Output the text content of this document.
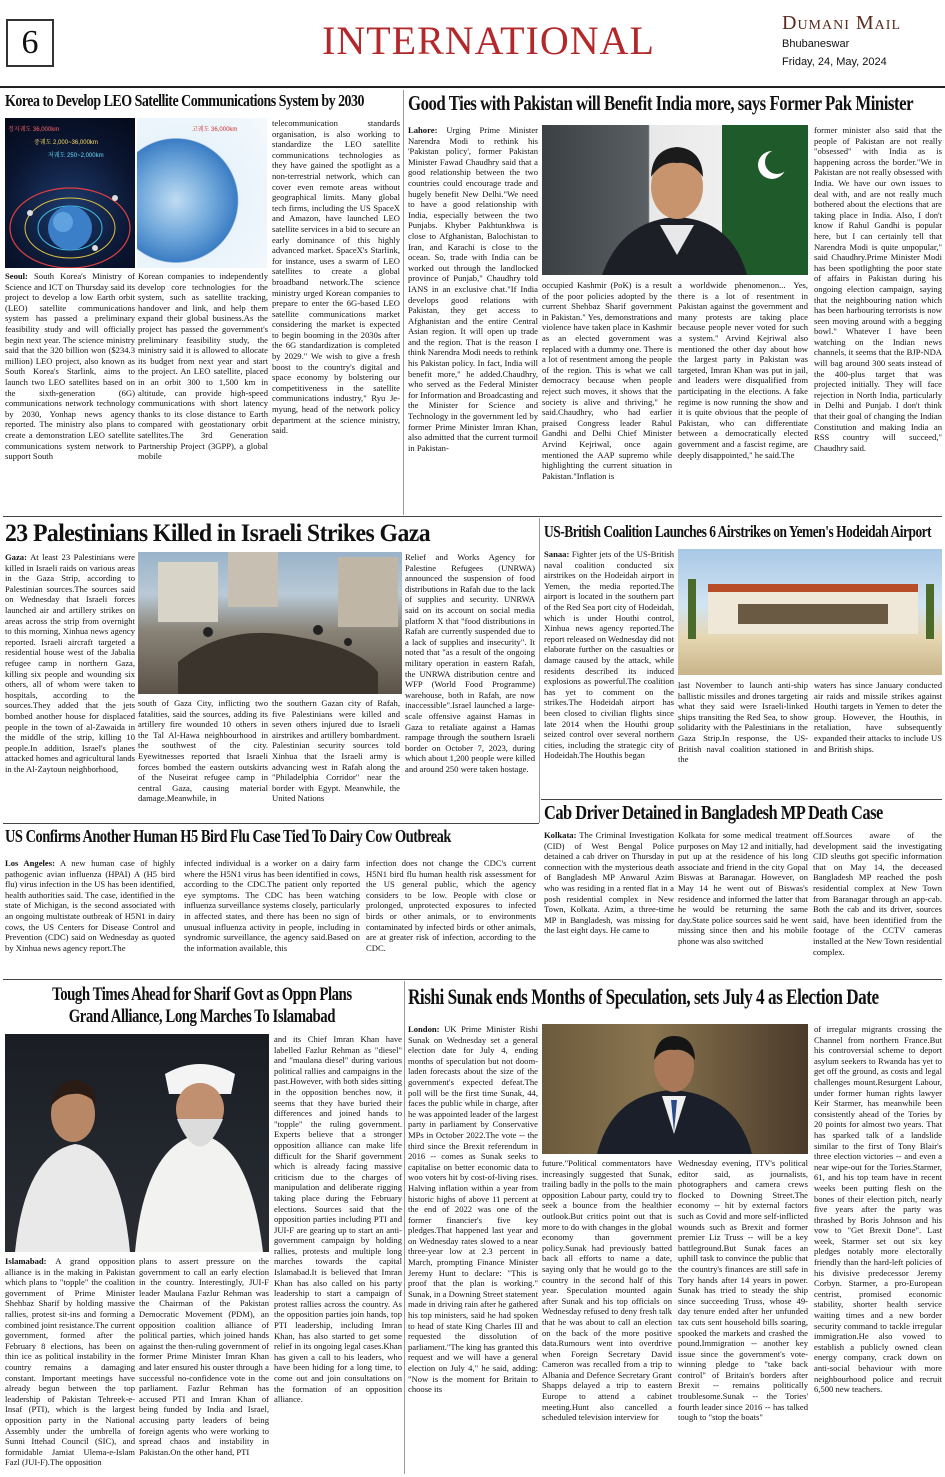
6	INTERNATIONAL	Dumani Mail
Bhubaneswar
Friday, 24, May, 2024
Korea to Develop LEO Satellite Communications System by 2030
정지궤도 36,000km
중궤도 2,000~36,000km
저궤도 250~2,000km
고궤도 36,000km
Seoul: South Korea's Ministry of Science and ICT on Thursday said its project to develop a low Earth orbit (LEO) satellite communications system has passed a preliminary feasibility study and will officially begin next year. The science ministry said that the 320 billion won ($234.3 million) LEO project, also known as South Korea's Starlink, aims to launch two LEO satellites based on the sixth-generation (6G) communications network technology by 2030, Yonhap news agency reported. The ministry also plans to create a demonstration LEO satellite communications system network to support South
Korean companies to independently develop core technologies for the system, such as satellite tracking, handover and link, and help them expand their global business.As the project has passed the government's preliminary feasibility study, the ministry said it is allowed to allocate its budget from next year and start the project. An LEO satellite, placed in an orbit 300 to 1,500 km in altitude, can provide high-speed communications with short latency thanks to its close distance to Earth compared with geostationary orbit satellites.The 3rd Generation Partnership Project (3GPP), a global mobile
telecommunication standards organisation, is also working to standardize the LEO satellite communications technologies as they have gained the spotlight as a non-terrestrial network, which can cover even remote areas without geographical limits. Many global tech firms, including the US SpaceX and Amazon, have launched LEO satellite services in a bid to secure an early dominance of this highly advanced market. SpaceX's Starlink, for instance, uses a swarm of LEO satellites to create a global broadband network.The science ministry urged Korean companies to prepare to enter the 6G-based LEO satellite communications market considering the market is expected to begin booming in the 2030s after the 6G standardization is completed by 2029." We wish to give a fresh boost to the country's digital and space economy by bolstering our competitiveness in the satellite communications industry," Ryu Je-myung, head of the network policy department at the science ministry, said.
Good Ties with Pakistan will Benefit India more, says Former Pak Minister
Lahore: Urging Prime Minister Narendra Modi to rethink his 'Pakistan policy', former Pakistan Minister Fawad Chaudhry said that a good relationship between the two countries could encourage trade and hugely benefit New Delhi."We need to have a good relationship with India, especially between the two Punjabs. Khyber Pakhtunkhwa is close to Afghanistan, Balochistan to Iran, and Karachi is close to the ocean. So, trade with India can be worked out through the landlocked province of Punjab," Chaudhry told IANS in an exclusive chat."If India develops good relations with Pakistan, they get access to Afghanistan and the entire Central Asian region. It will open up trade and the region. That is the reason I think Narendra Modi needs to rethink his Pakistan policy. In fact, India will benefit more," he added.Chaudhry, who served as the Federal Minister for Information and Broadcasting and the Minister for Science and Technology in the government led by former Prime Minister Imran Khan, also admitted that the current turmoil in Pakistan-
occupied Kashmir (PoK) is a result of the poor policies adopted by the current Shehbaz Sharif government in Pakistan." Yes, demonstrations and violence have taken place in Kashmir as an elected government was replaced with a dummy one. There is a lot of resentment among the people of the region. This is what we call democracy because when people reject such moves, it shows that the society is alive and thriving," he said.Chaudhry, who had earlier praised Congress leader Rahul Gandhi and Delhi Chief Minister Arvind Kejriwal, once again mentioned the AAP supremo while highlighting the current situation in Pakistan."Inflation is
a worldwide phenomenon... Yes, there is a lot of resentment in Pakistan against the government and many protests are taking place because people never voted for such a system." Arvind Kejriwal also mentioned the other day about how the largest party in Pakistan was targeted, Imran Khan was put in jail, and leaders were disqualified from participating in the elections. A fake regime is now running the show and it is quite obvious that the people of Pakistan, who can differentiate between a democratically elected government and a fascist regime, are deeply disappointed," he said.The
former minister also said that the people of Pakistan are not really "obsessed" with India as is happening across the border."We in Pakistan are not really obsessed with India. We have our own issues to deal with, and are not really much bothered about the elections that are taking place in India. Also, I don't know if Rahul Gandhi is popular here, but I can certainly tell that Narendra Modi is quite unpopular," said Chaudhry.Prime Minister Modi has been spotlighting the poor state of affairs in Pakistan during his ongoing election campaign, saying that the neighbouring nation which has been harbouring terrorists is now seen moving around with a begging bowl." Whatever I have been watching on the Indian news channels, it seems that the BJP-NDA will bag around 300 seats instead of the 400-plus target that was projected initially. They will face rejection in North India, particularly in Delhi and Punjab. I don't think that their goal of changing the Indian Constitution and making India an RSS country will succeed," Chaudhry said.
23 Palestinians Killed in Israeli Strikes Gaza
Gaza: At least 23 Palestinians were killed in Israeli raids on various areas in the Gaza Strip, according to Palestinian sources.The sources said on Wednesday that Israeli forces launched air and artillery strikes on areas across the strip from overnight to this morning, Xinhua news agency reported. Israeli aircraft targeted a residential house west of the Jabalia refugee camp in northern Gaza, killing six people and wounding six others, all of whom were taken to hospitals, according to the sources.They added that the jets bombed another house for displaced people in the town of al-Zawaida in the middle of the strip, killing 10 people.In addition, Israel's planes attacked homes and agricultural lands in the Al-Zaytoun neighborhood,
south of Gaza City, inflicting two fatalities, said the sources, adding its artillery fire wounded 10 others in the Tal Al-Hawa neighbourhood in the southwest of the city. Eyewitnesses reported that Israeli forces bombed the eastern outskirts of the Nuseirat refugee camp in central Gaza, causing material damage.Meanwhile, in
the southern Gazan city of Rafah, five Palestinians were killed and seven others injured due to Israeli airstrikes and artillery bombardment. Palestinian security sources told Xinhua that the Israeli army is advancing west in Rafah along the "Philadelphia Corridor" near the border with Egypt. Meanwhile, the United Nations
Relief and Works Agency for Palestine Refugees (UNRWA) announced the suspension of food distributions in Rafah due to the lack of supplies and security. UNRWA said on its account on social media platform X that "food distributions in Rafah are currently suspended due to a lack of supplies and insecurity". It noted that "as a result of the ongoing military operation in eastern Rafah, the UNRWA distribution centre and WFP (World Food Programme) warehouse, both in Rafah, are now inaccessible".Israel launched a large-scale offensive against Hamas in Gaza to retaliate against a Hamas rampage through the southern Israeli border on October 7, 2023, during which about 1,200 people were killed and around 250 were taken hostage.
US-British Coalition Launches 6 Airstrikes on Yemen's Hodeidah Airport
Sanaa: Fighter jets of the US-British naval coalition conducted six airstrikes on the Hodeidah airport in Yemen, the media reported.The airport is located in the southern part of the Red Sea port city of Hodeidah, which is under Houthi control, Xinhua news agency reported.The report released on Wednesday did not elaborate further on the casualties or damage caused by the attack, while residents described its induced explosions as powerful.The coalition has yet to comment on the strikes.The Hodeidah airport has been closed to civilian flights since late 2014 when the Houthi group seized control over several northern cities, including the strategic city of Hodeidah.The Houthis began
last November to launch anti-ship ballistic missiles and drones targeting what they said were Israeli-linked ships transiting the Red Sea, to show solidarity with the Palestinians in the Gaza Strip.In response, the US-British naval coalition stationed in the
waters has since January conducted air raids and missile strikes against Houthi targets in Yemen to deter the group. However, the Houthis, in retaliation, have subsequently expanded their attacks to include US and British ships.
US Confirms Another Human H5 Bird Flu Case Tied To Dairy Cow Outbreak
Los Angeles: A new human case of highly pathogenic avian influenza (HPAI) A (H5 bird flu) virus infection in the US has been identified, health authorities said. The case, identified in the state of Michigan, is the second associated with an ongoing multistate outbreak of H5N1 in dairy cows, the US Centers for Disease Control and Prevention (CDC) said on Wednesday as quoted by Xinhua news agency report.The
infected individual is a worker on a dairy farm where the H5N1 virus has been identified in cows, according to the CDC.The patient only reported eye symptoms. The CDC has been watching influenza surveillance systems closely, particularly in affected states, and there has been no sign of unusual influenza activity in people, including in syndromic surveillance, the agency said.Based on the information available, this
infection does not change the CDC's current H5N1 bird flu human health risk assessment for the US general public, which the agency considers to be low. People with close or prolonged, unprotected exposures to infected birds or other animals, or to environments contaminated by infected birds or other animals, are at greater risk of infection, according to the CDC.
Cab Driver Detained in Bangladesh MP Death Case
Kolkata: The Criminal Investigation (CID) of West Bengal Police detained a cab driver on Thursday in connection with the mysterious death of Bangladesh MP Anwarul Azim who was residing in a rented flat in a posh residential complex in New Town, Kolkata. Azim, a three-time MP in Bangladesh, was missing for the last eight days. He came to
Kolkata for some medical treatment purposes on May 12 and initially, had put up at the residence of his long associate and friend in the city Gopal Biswas at Baranagar. However, on May 14 he went out of Biswas's residence and informed the latter that he would be returning the same day.State police sources said he went missing since then and his mobile phone was also switched
off.Sources aware of the development said the investigating CID sleuths got specific information that on May 14, the deceased Bangladesh MP reached the posh residential complex at New Town from Baranagar through an app-cab. Both the cab and its driver, sources said, have been identified from the footage of the CCTV cameras installed at the New Town residential complex.
Tough Times Ahead for Sharif Govt as Oppn Plans
Grand Alliance, Long Marches To Islamabad
Islamabad: A grand opposition alliance is in the making in Pakistan which plans to "topple" the coalition government of Prime Minister Shehbaz Sharif by holding massive rallies, protest sit-ins and forming a combined joint resistance.The current government, formed after the February 8 elections, has been on thin ice as political instability in the country remains a damaging constant. Important meetings have already begun between the top leadership of Pakistan Tehreek-e-Insaf (PTI), which is the largest opposition party in the National Assembly under the umbrella of Sunni Ittehad Council (SIC), and formidable Jamiat Ulema-e-Islam Fazl (JUI-F).The opposition
plans to assert pressure on the government to call an early election in the country. Interestingly, JUI-F leader Maulana Fazlur Rehman was the Chairman of the Pakistan Democratic Movement (PDM), an opposition coalition alliance of political parties, which joined hands against the then-ruling government of former Prime Minister Imran Khan and later ensured his ouster through a successful no-confidence vote in the parliament. Fazlur Rehman has accused PTI and Imran Khan of being funded by India and Israel, accusing party leaders of being foreign agents who were working to spread chaos and instability in Pakistan.On the other hand, PTI
and its Chief Imran Khan have labelled Fazlur Rehman as "diesel" and "maulana diesel" during various political rallies and campaigns in the past.However, with both sides sitting in the opposition benches now, it seems that they have buried their differences and joined hands to "topple" the ruling government. Experts believe that a stronger opposition alliance can make life difficult for the Sharif government which is already facing massive criticism due to the charges of manipulation and deliberate rigging taking place during the February elections. Sources said that the opposition parties including PTI and JUI-F are gearing up to start an anti-government campaign by holding rallies, protests and multiple long marches towards the capital Islamabad.It is believed that Imran Khan has also called on his party leadership to start a campaign of protest rallies across the country. As the opposition parties join hands, top PTI leadership, including Imran Khan, has also started to get some relief in its ongoing legal cases.Khan has given a call to his leaders, who have been hiding for a long time, to come out and join consultations on the formation of an opposition alliance.
Rishi Sunak ends Months of Speculation, sets July 4 as Election Date
London: UK Prime Minister Rishi Sunak on Wednesday set a general election date for July 4, ending months of speculation but not doom-laden forecasts about the size of the government's expected defeat.The poll will be the first time Sunak, 44, faces the public while in charge, after he was appointed leader of the largest party in parliament by Conservative MPs in October 2022.The vote -- the third since the Brexit referendum in 2016 -- comes as Sunak seeks to capitalise on better economic data to woo voters hit by cost-of-living rises. Halving inflation within a year from historic highs of above 11 percent at the end of 2022 was one of the former financier's five key pledges.That happened last year and on Wednesday rates slowed to a near three-year low at 2.3 percent in March, prompting Finance Minister Jeremy Hunt to declare: "This is proof that the plan is working." Sunak, in a Downing Street statement made in driving rain after he gathered his top ministers, said he had spoken to head of state King Charles III and requested the dissolution of parliament."The king has granted this request and we will have a general election on July 4," he said, adding: "Now is the moment for Britain to choose its
future."Political commentators have increasingly suggested that Sunak, trailing badly in the polls to the main opposition Labour party, could try to seek a bounce from the healthier outlook.But critics point out that is more to do with changes in the global economy than government policy.Sunak had previously batted back all efforts to name a date, saying only that he would go to the country in the second half of this year. Speculation mounted again after Sunak and his top officials on Wednesday refused to deny fresh talk that he was about to call an election on the back of the more positive data.Rumours went into overdrive when Foreign Secretary David Cameron was recalled from a trip to Albania and Defence Secretary Grant Shapps delayed a trip to eastern Europe to attend a cabinet meeting.Hunt also cancelled a scheduled television interview for
Wednesday evening, ITV's political editor said, as journalists, photographers and camera crews flocked to Downing Street.The economy -- hit by external factors such as Covid and more self-inflicted wounds such as Brexit and former premier Liz Truss -- will be a key battleground.But Sunak faces an uphill task to convince the public that the country's finances are still safe in Tory hands after 14 years in power. Sunak has tried to steady the ship since succeeding Truss, whose 49-day tenure ended after her unfunded tax cuts sent household bills soaring, spooked the markets and crashed the pound.Immigration -- another key issue since the government's vote-winning pledge to "take back control" of Britain's borders after Brexit -- remains politically troublesome.Sunak -- the Tories' fourth leader since 2016 -- has talked tough to "stop the boats"
of irregular migrants crossing the Channel from northern France.But his controversial scheme to deport asylum seekers to Rwanda has yet to get off the ground, as costs and legal challenges mount.Resurgent Labour, under former human rights lawyer Keir Starmer, has meanwhile been consistently ahead of the Tories by 20 points for almost two years. That has sparked talk of a landslide similar to the first of Tony Blair's three election victories -- and even a near wipe-out for the Tories.Starmer, 61, and his top team have in recent weeks been putting flesh on the bones of their election pitch, nearly five years after the party was thrashed by Boris Johnson and his vow to "Get Brexit Done". Last week, Starmer set out six key pledges notably more electorally friendly than the hard-left policies of his divisive predecessor Jeremy Corbyn. Starmer, a pro-European centrist, promised economic stability, shorter health service waiting times and a new border security command to tackle irregular immigration.He also vowed to establish a publicly owned clean energy company, crack down on anti-social behaviour with more neighbourhood police and recruit 6,500 new teachers.
